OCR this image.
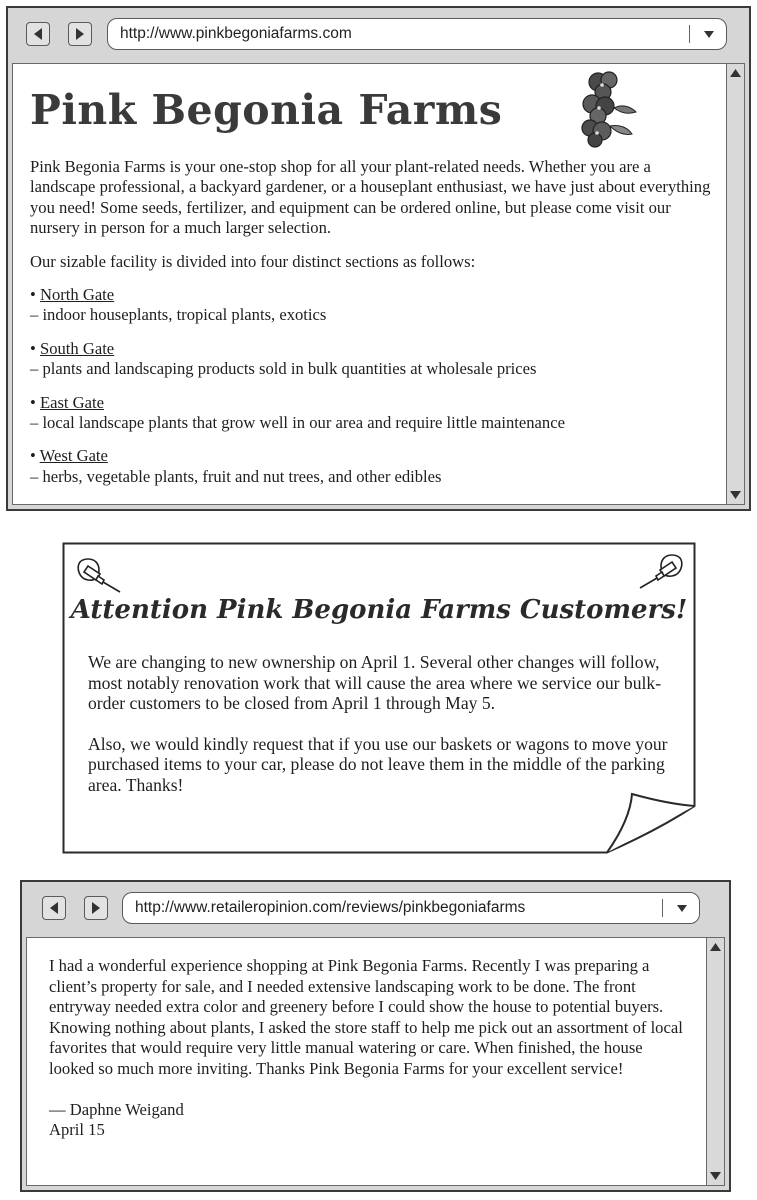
http://www.pinkbegoniafarms.com
Pink Begonia Farms

Pink Begonia Farms is your one-stop shop for all your plant-related needs. Whether you are a landscape professional, a backyard gardener, or a houseplant enthusiast, we have just about everything you need! Some seeds, fertilizer, and equipment can be ordered online, but please come visit our nursery in person for a much larger selection.

Our sizable facility is divided into four distinct sections as follows:

• North Gate
– indoor houseplants, tropical plants, exotics
• South Gate
– plants and landscaping products sold in bulk quantities at wholesale prices
• East Gate
– local landscape plants that grow well in our area and require little maintenance
• West Gate
– herbs, vegetable plants, fruit and nut trees, and other edibles
Attention Pink Begonia Farms Customers!

We are changing to new ownership on April 1. Several other changes will follow, most notably renovation work that will cause the area where we service our bulk-order customers to be closed from April 1 through May 5.

Also, we would kindly request that if you use our baskets or wagons to move your purchased items to your car, please do not leave them in the middle of the parking area. Thanks!

http://www.retaileropinion.com/reviews/pinkbegoniafarms

I had a wonderful experience shopping at Pink Begonia Farms. Recently I was preparing a client’s property for sale, and I needed extensive landscaping work to be done. The front entryway needed extra color and greenery before I could show the house to potential buyers. Knowing nothing about plants, I asked the store staff to help me pick out an assortment of local favorites that would require very little manual watering or care. When finished, the house looked so much more inviting. Thanks Pink Begonia Farms for your excellent service!

— Daphne Weigand
April 15
